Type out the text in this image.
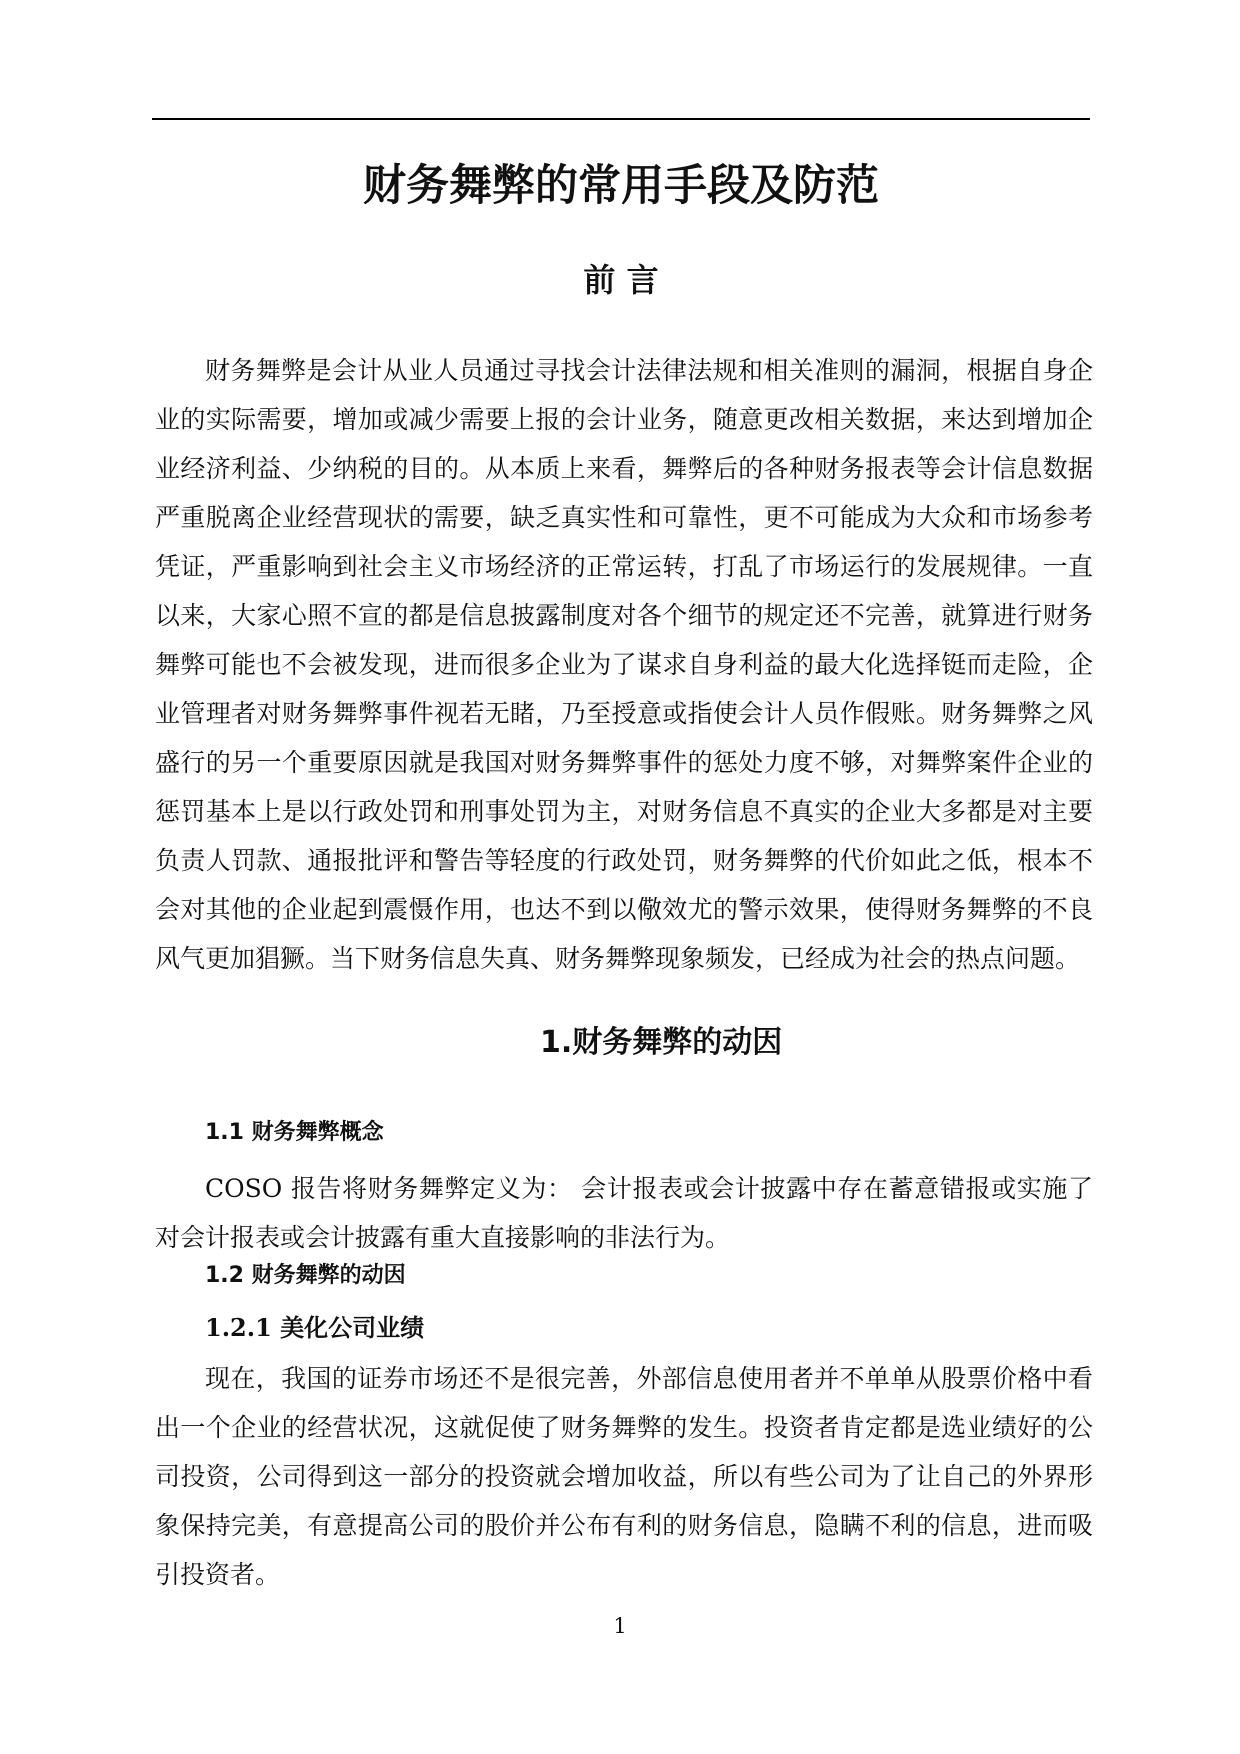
财务舞弊的常用手段及防范
前 言

财务舞弊是会计从业人员通过寻找会计法律法规和相关准则的漏洞，根据自身企业的实际需要，增加或减少需要上报的会计业务，随意更改相关数据，来达到增加企业经济利益、少纳税的目的。从本质上来看，舞弊后的各种财务报表等会计信息数据严重脱离企业经营现状的需要，缺乏真实性和可靠性，更不可能成为大众和市场参考凭证，严重影响到社会主义市场经济的正常运转，打乱了市场运行的发展规律。一直以来，大家心照不宣的都是信息披露制度对各个细节的规定还不完善，就算进行财务舞弊可能也不会被发现，进而很多企业为了谋求自身利益的最大化选择铤而走险，企业管理者对财务舞弊事件视若无睹，乃至授意或指使会计人员作假账。财务舞弊之风盛行的另一个重要原因就是我国对财务舞弊事件的惩处力度不够，对舞弊案件企业的惩罚基本上是以行政处罚和刑事处罚为主，对财务信息不真实的企业大多都是对主要负责人罚款、通报批评和警告等轻度的行政处罚，财务舞弊的代价如此之低，根本不会对其他的企业起到震慑作用，也达不到以儆效尤的警示效果，使得财务舞弊的不良风气更加猖獗。当下财务信息失真、财务舞弊现象频发，已经成为社会的热点问题。

1.财务舞弊的动因
1.1 财务舞弊概念

COSO 报告将财务舞弊定义为： 会计报表或会计披露中存在蓄意错报或实施了对会计报表或会计披露有重大直接影响的非法行为。

1.2 财务舞弊的动因
1.2.1 美化公司业绩

现在，我国的证券市场还不是很完善，外部信息使用者并不单单从股票价格中看出一个企业的经营状况，这就促使了财务舞弊的发生。投资者肯定都是选业绩好的公司投资，公司得到这一部分的投资就会增加收益，所以有些公司为了让自己的外界形象保持完美，有意提高公司的股价并公布有利的财务信息，隐瞒不利的信息，进而吸引投资者。

1
